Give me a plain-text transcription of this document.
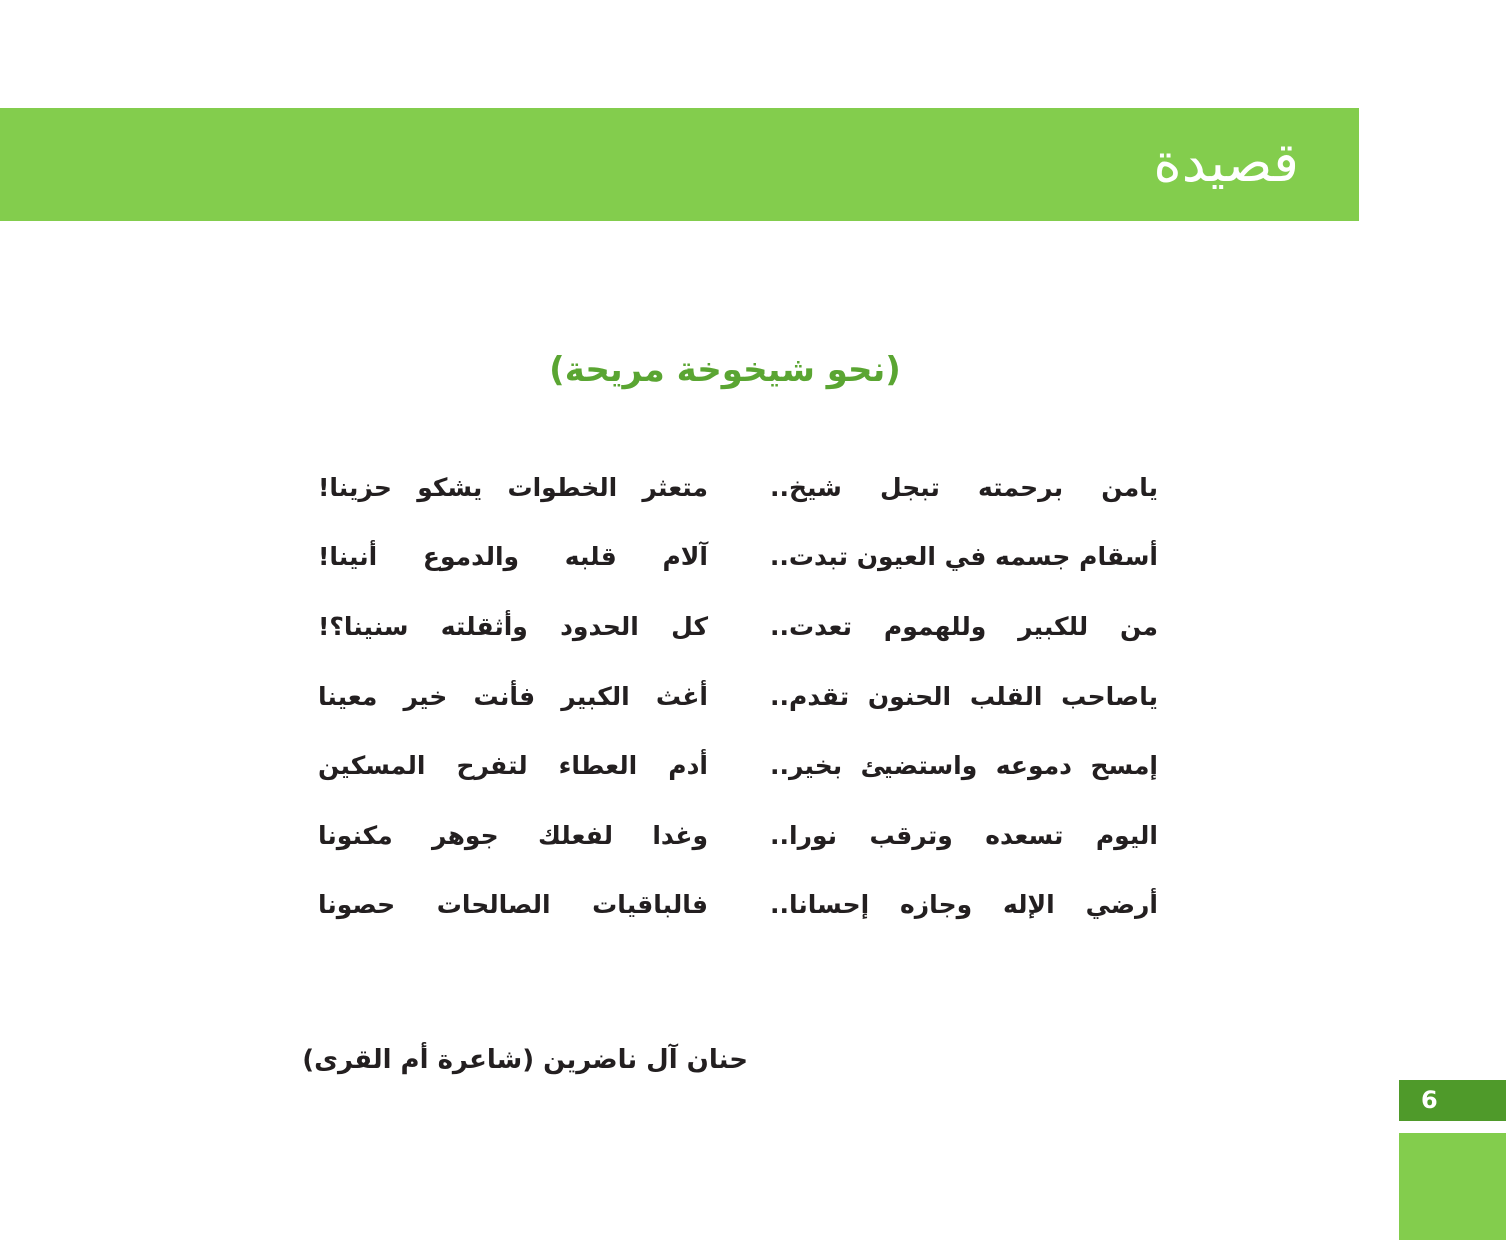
قصيدة
(نحو شيخوخة مريحة)
يامن برحمته تبجل شيخ..
متعثر الخطوات يشكو حزينا!
أسقام جسمه في العيون تبدت..
آلام قلبه والدموع أنينا!
من للكبير وللهموم تعدت..
كل الحدود وأثقلته سنينا؟!
ياصاحب القلب الحنون تقدم..
أغث الكبير فأنت خير معينا
إمسح دموعه واستضيئ بخير..
أدم العطاء لتفرح المسكين
اليوم تسعده وترقب نورا..
وغدا لفعلك جوهر مكنونا
أرضي الإله وجازه إحسانا..
فالباقيات الصالحات حصونا
حنان آل ناضرين (شاعرة أم القرى)
6
